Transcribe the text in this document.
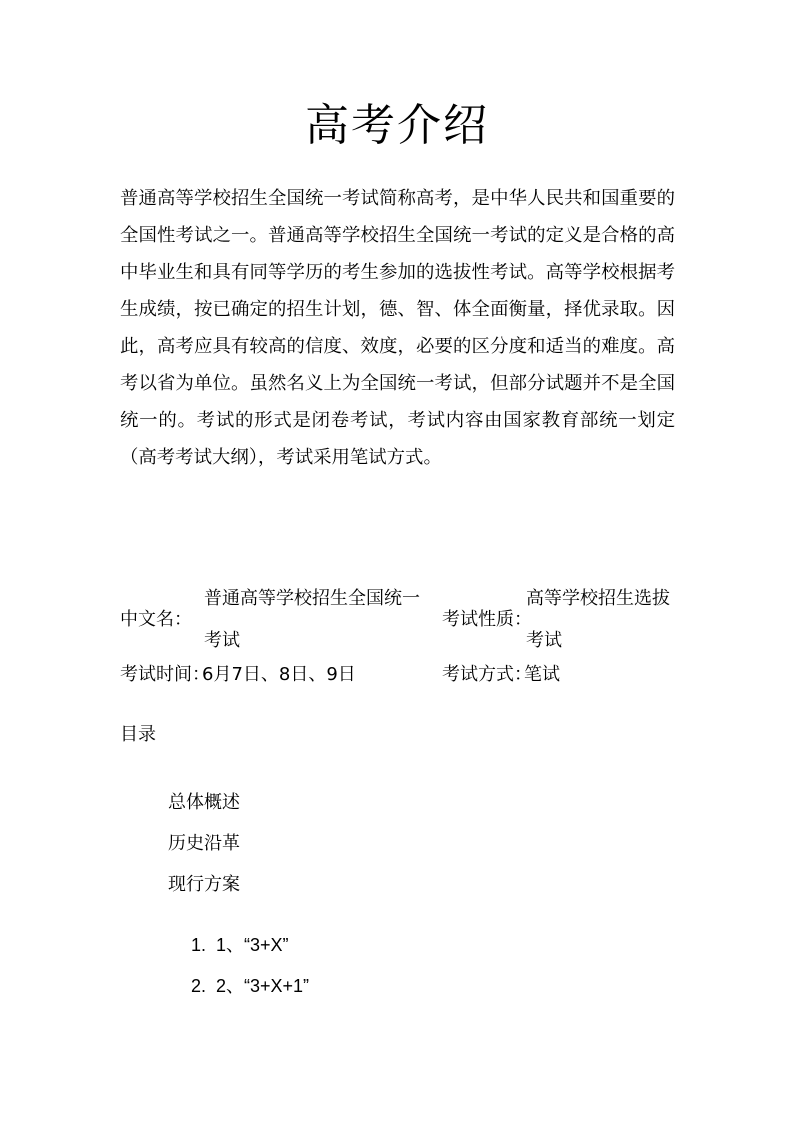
高考介绍

普通高等学校招生全国统一考试简称高考，是中华人民共和国重要的全国性考试之一。普通高等学校招生全国统一考试的定义是合格的高中毕业生和具有同等学历的考生参加的选拔性考试。高等学校根据考生成绩，按已确定的招生计划，德、智、体全面衡量，择优录取。因此，高考应具有较高的信度、效度，必要的区分度和适当的难度。高考以省为单位。虽然名义上为全国统一考试，但部分试题并不是全国统一的。考试的形式是闭卷考试，考试内容由国家教育部统一划定（高考考试大纲），考试采用笔试方式。

中文名：
普通高等学校招生全国统一考试
考试性质：
高等学校招生选拔考试
考试时间：
6月7日、8日、9日	考试方式：
笔试
目录
总体概述
历史沿革
现行方案
1. 1、“3+X”
2. 2、“3+X+1”
